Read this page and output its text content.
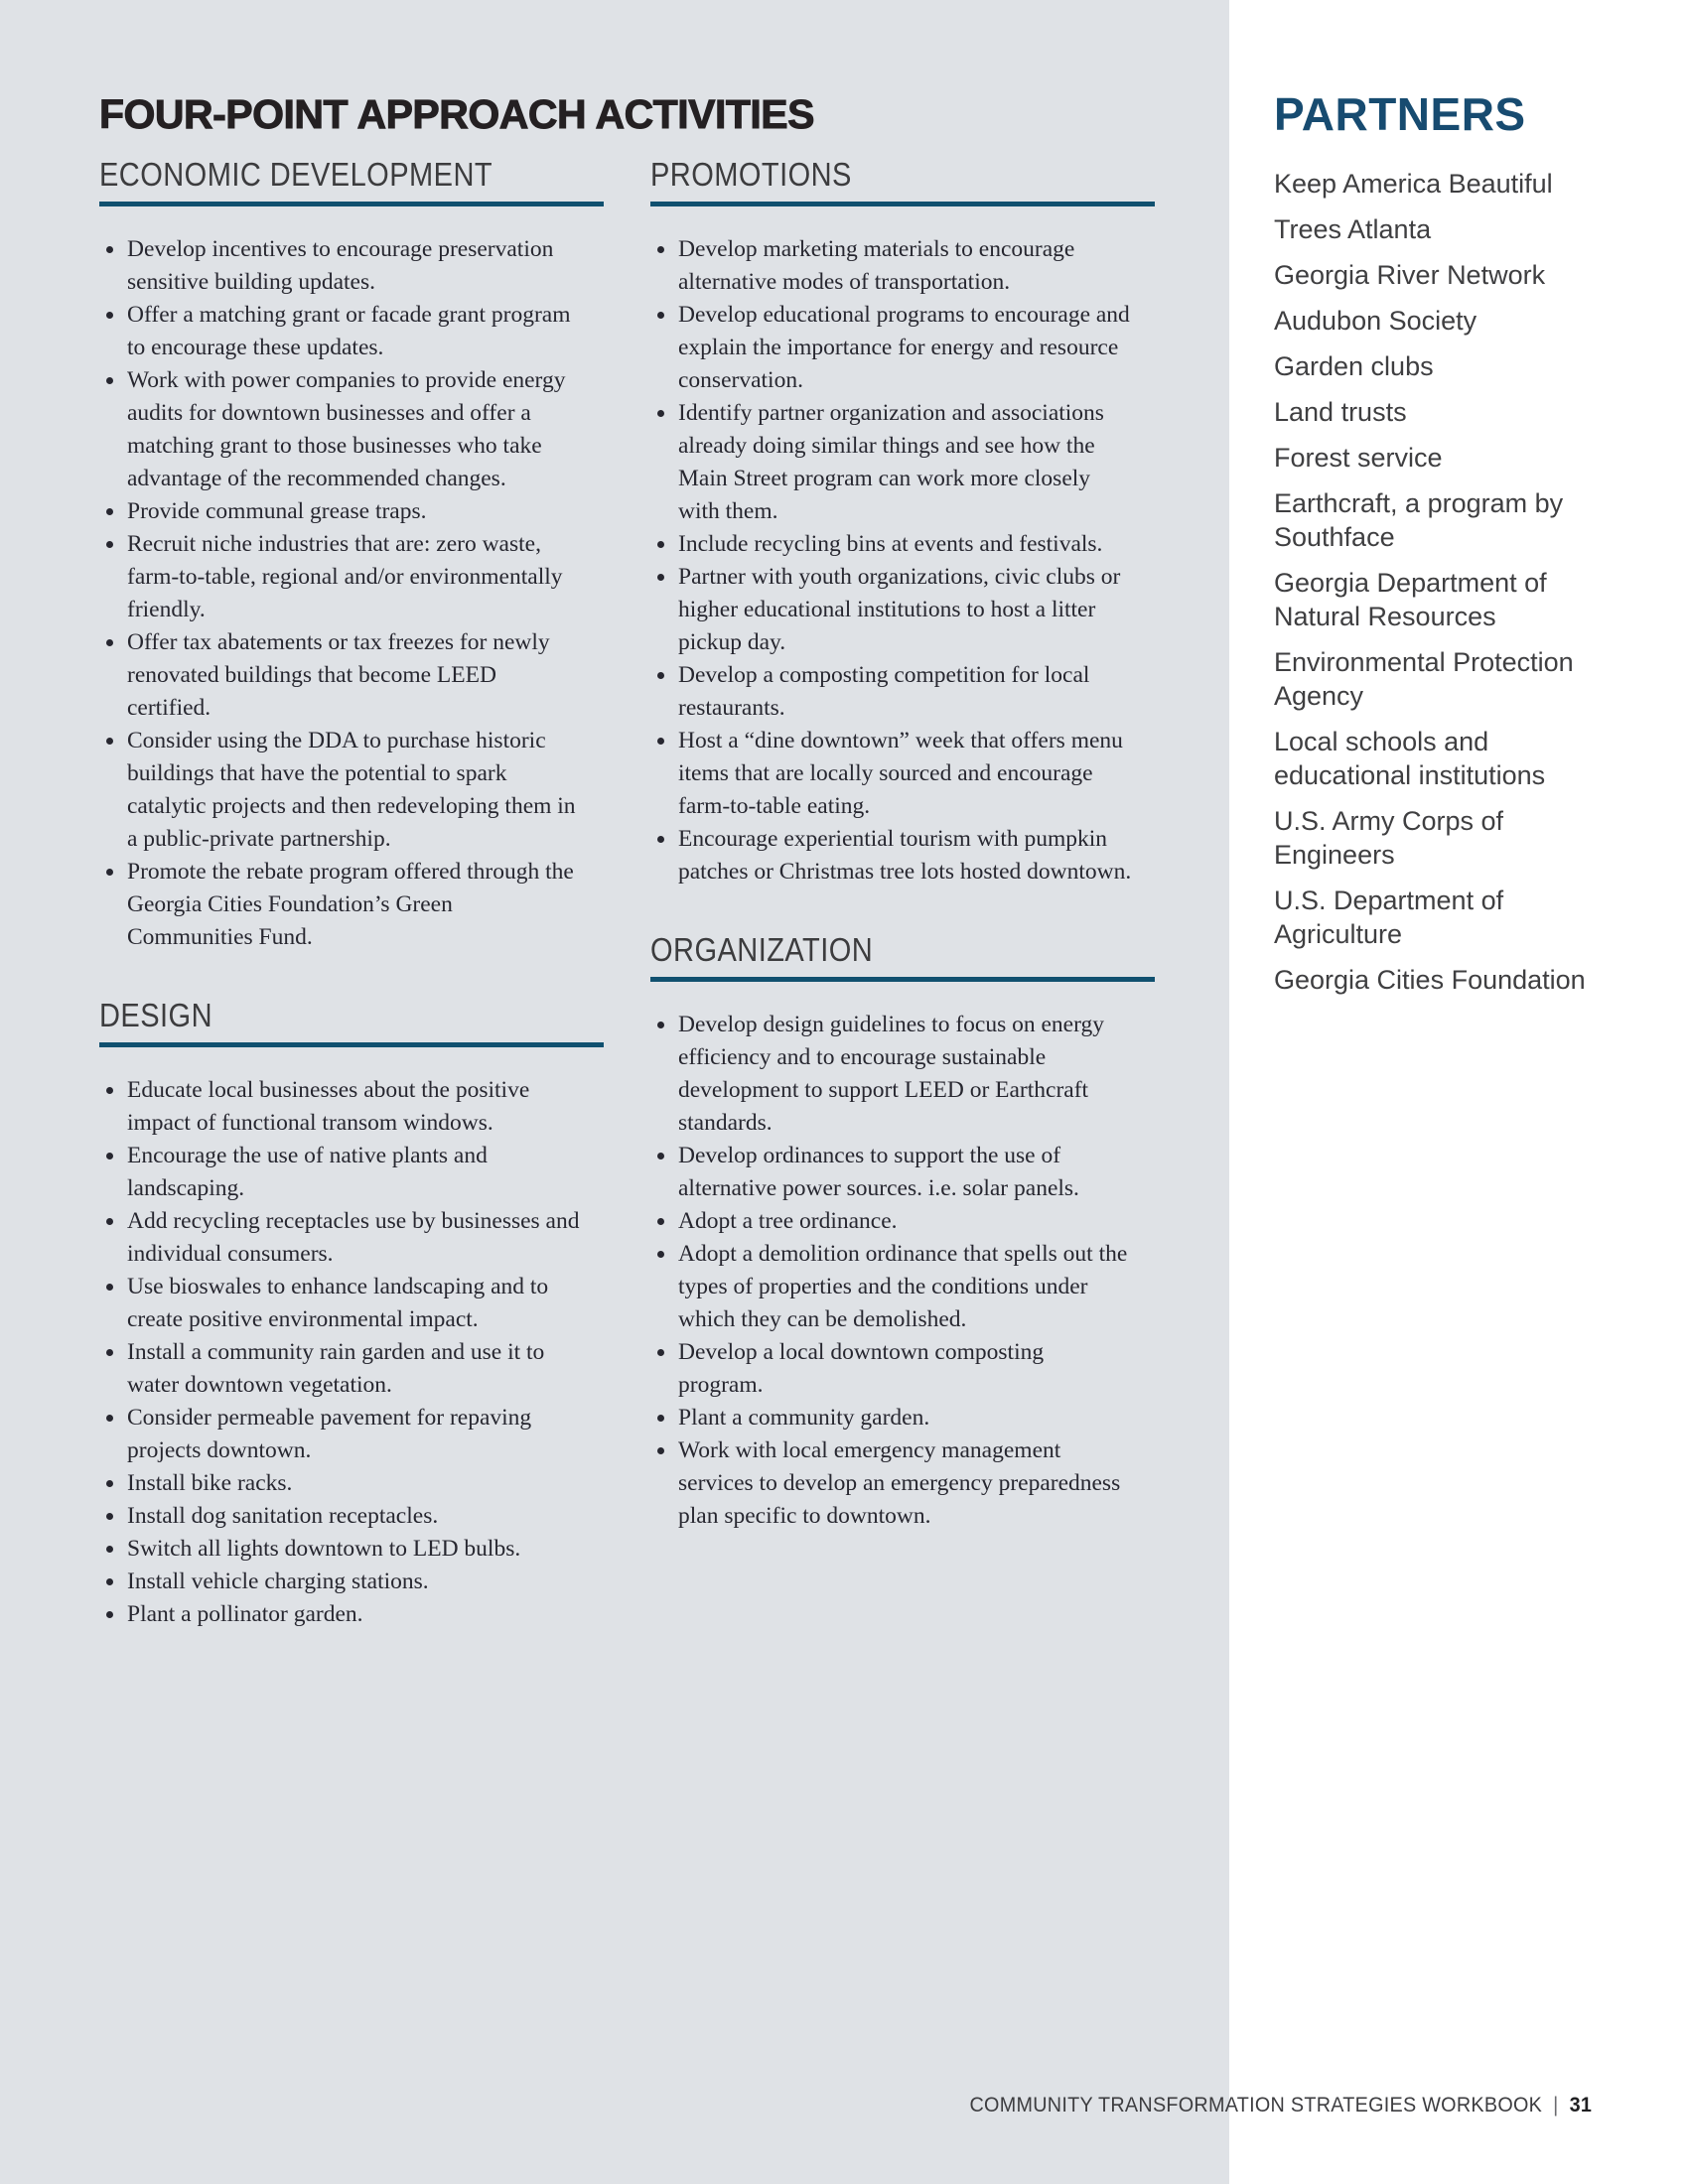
FOUR-POINT APPROACH ACTIVITIES
ECONOMIC DEVELOPMENT
Develop incentives to encourage preservation sensitive building updates.
Offer a matching grant or facade grant program to encourage these updates.
Work with power companies to provide energy audits for downtown businesses and offer a matching grant to those businesses who take advantage of the recommended changes.
Provide communal grease traps.
Recruit niche industries that are: zero waste, farm-to-table, regional and/or environmentally friendly.
Offer tax abatements or tax freezes for newly renovated buildings that become LEED certified.
Consider using the DDA to purchase historic buildings that have the potential to spark catalytic projects and then redeveloping them in a public-private partnership.
Promote the rebate program offered through the Georgia Cities Foundation’s Green Communities Fund.
DESIGN
Educate local businesses about the positive impact of functional transom windows.
Encourage the use of native plants and landscaping.
Add recycling receptacles use by businesses and individual consumers.
Use bioswales to enhance landscaping and to create positive environmental impact.
Install a community rain garden and use it to water downtown vegetation.
Consider permeable pavement for repaving projects downtown.
Install bike racks.
Install dog sanitation receptacles.
Switch all lights downtown to LED bulbs.
Install vehicle charging stations.
Plant a pollinator garden.
PROMOTIONS
Develop marketing materials to encourage alternative modes of transportation.
Develop educational programs to encourage and explain the importance for energy and resource conservation.
Identify partner organization and associations already doing similar things and see how the Main Street program can work more closely with them.
Include recycling bins at events and festivals.
Partner with youth organizations, civic clubs or higher educational institutions to host a litter pickup day.
Develop a composting competition for local restaurants.
Host a “dine downtown” week that offers menu items that are locally sourced and encourage farm-to-table eating.
Encourage experiential tourism with pumpkin patches or Christmas tree lots hosted downtown.
ORGANIZATION
Develop design guidelines to focus on energy efficiency and to encourage sustainable development to support LEED or Earthcraft standards.
Develop ordinances to support the use of alternative power sources. i.e. solar panels.
Adopt a tree ordinance.
Adopt a demolition ordinance that spells out the types of properties and the conditions under which they can be demolished.
Develop a local downtown composting program.
Plant a community garden.
Work with local emergency management services to develop an emergency preparedness plan specific to downtown.
PARTNERS
Keep America Beautiful
Trees Atlanta
Georgia River Network
Audubon Society
Garden clubs
Land trusts
Forest service
Earthcraft, a program by Southface
Georgia Department of Natural Resources
Environmental Protection Agency
Local schools and educational institutions
U.S. Army Corps of Engineers
U.S. Department of Agriculture
Georgia Cities Foundation
COMMUNITY TRANSFORMATION STRATEGIES WORKBOOK | 31
